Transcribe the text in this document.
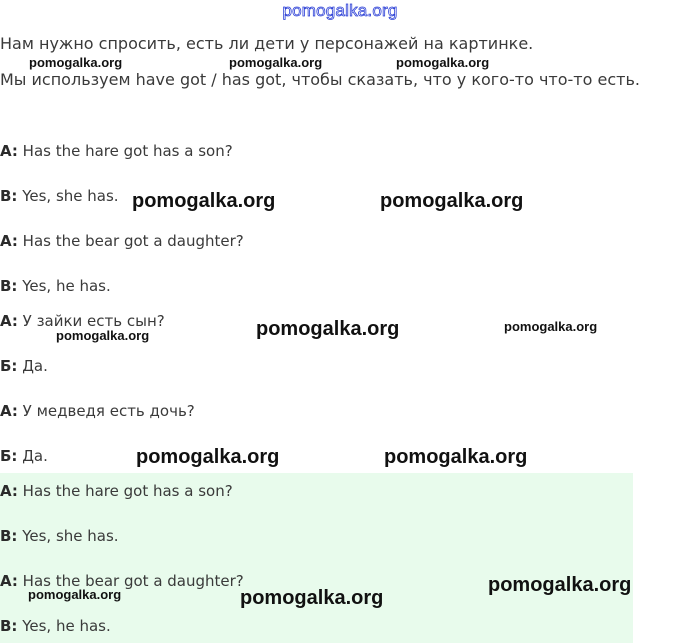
pomogalka.org
Нам нужно спросить, есть ли дети у персонажей на картинке.
Мы используем have got / has got, чтобы сказать, что у кого-то что-то есть.
A: Has the hare got has a son?
B: Yes, she has.
A: Has the bear got a daughter?
B: Yes, he has.
A: У зайки есть сын?
Б: Да.
A: У медведя есть дочь?
Б: Да.
A: Has the hare got has a son?
B: Yes, she has.
A: Has the bear got a daughter?
B: Yes, he has.
pomogalka.org	pomogalka.org	pomogalka.org
pomogalka.org	pomogalka.org
pomogalka.org	pomogalka.org
pomogalka.org
pomogalka.org	pomogalka.org
pomogalka.org
pomogalka.org	pomogalka.org
